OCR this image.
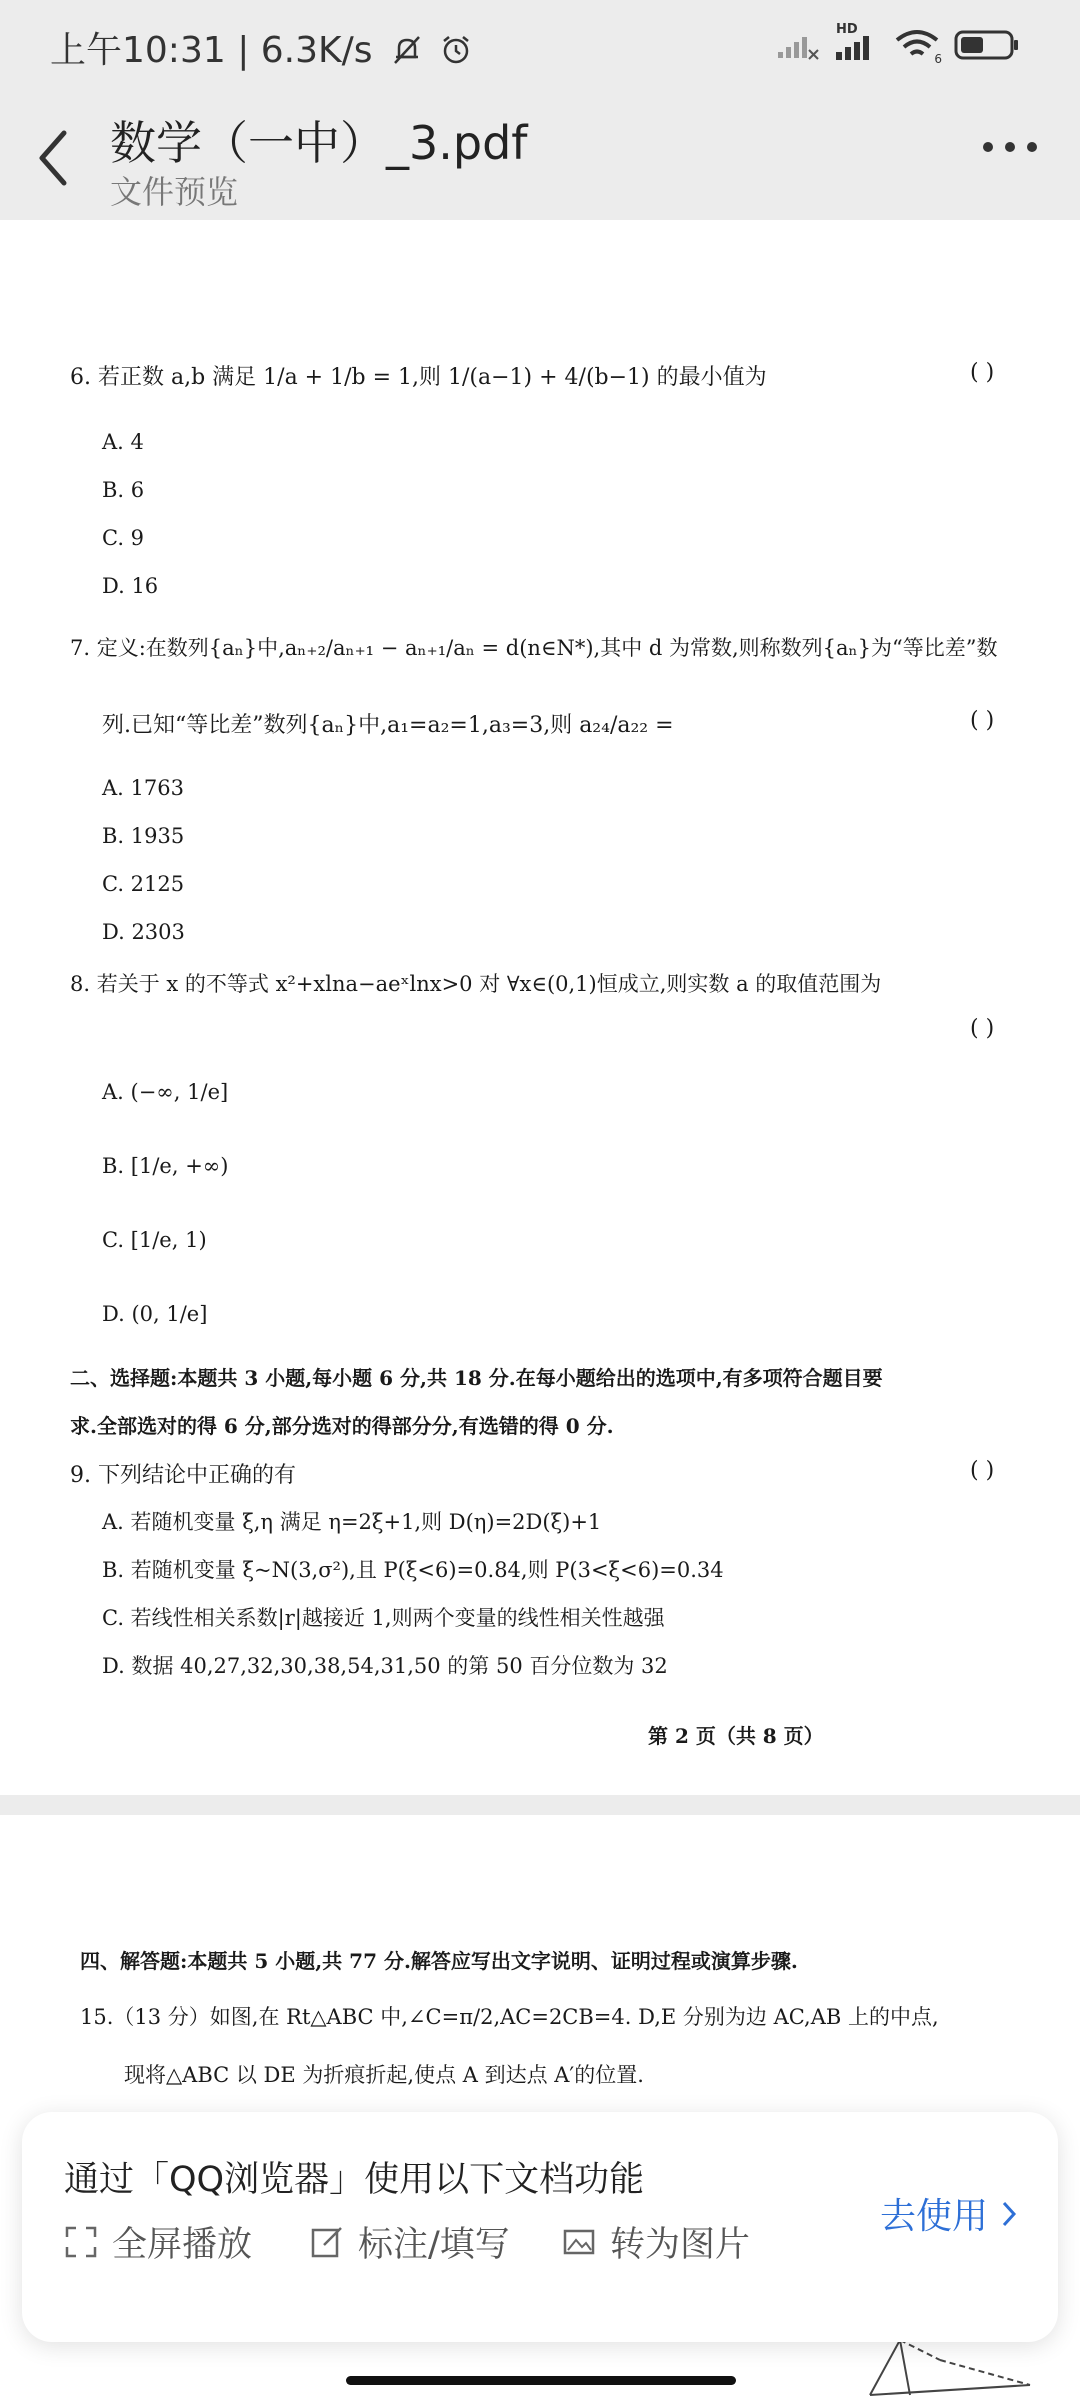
上午10:31 | 6.3K/s
HD
6
数学（一中）_3.pdf
文件预览
6. 若正数 a,b 满足 1/a + 1/b = 1,则 1/(a−1) + 4/(b−1) 的最小值为	( )
A. 4
B. 6
C. 9
D. 16
7. 定义:在数列{aₙ}中,aₙ₊₂/aₙ₊₁ − aₙ₊₁/aₙ = d(n∈N*),其中 d 为常数,则称数列{aₙ}为“等比差”数
列.已知“等比差”数列{aₙ}中,a₁=a₂=1,a₃=3,则 a₂₄/a₂₂ =	( )
A. 1763
B. 1935
C. 2125
D. 2303
8. 若关于 x 的不等式 x²+xlna−aeˣlnx>0 对 ∀x∈(0,1)恒成立,则实数 a 的取值范围为
( )
A. (−∞, 1/e]
B. [1/e, +∞)
C. [1/e, 1)
D. (0, 1/e]
二、选择题:本题共 3 小题,每小题 6 分,共 18 分.在每小题给出的选项中,有多项符合题目要
求.全部选对的得 6 分,部分选对的得部分分,有选错的得 0 分.
9. 下列结论中正确的有	( )
A. 若随机变量 ξ,η 满足 η=2ξ+1,则 D(η)=2D(ξ)+1
B. 若随机变量 ξ~N(3,σ²),且 P(ξ<6)=0.84,则 P(3<ξ<6)=0.34
C. 若线性相关系数|r|越接近 1,则两个变量的线性相关性越强
D. 数据 40,27,32,30,38,54,31,50 的第 50 百分位数为 32
第 2 页（共 8 页）
四、解答题:本题共 5 小题,共 77 分.解答应写出文字说明、证明过程或演算步骤.
15.（13 分）如图,在 Rt△ABC 中,∠C=π/2,AC=2CB=4. D,E 分别为边 AC,AB 上的中点,
现将△ABC 以 DE 为折痕折起,使点 A 到达点 A′的位置.
通过「QQ浏览器」使用以下文档功能
全屏播放	标注/填写	转为图片
去使用
